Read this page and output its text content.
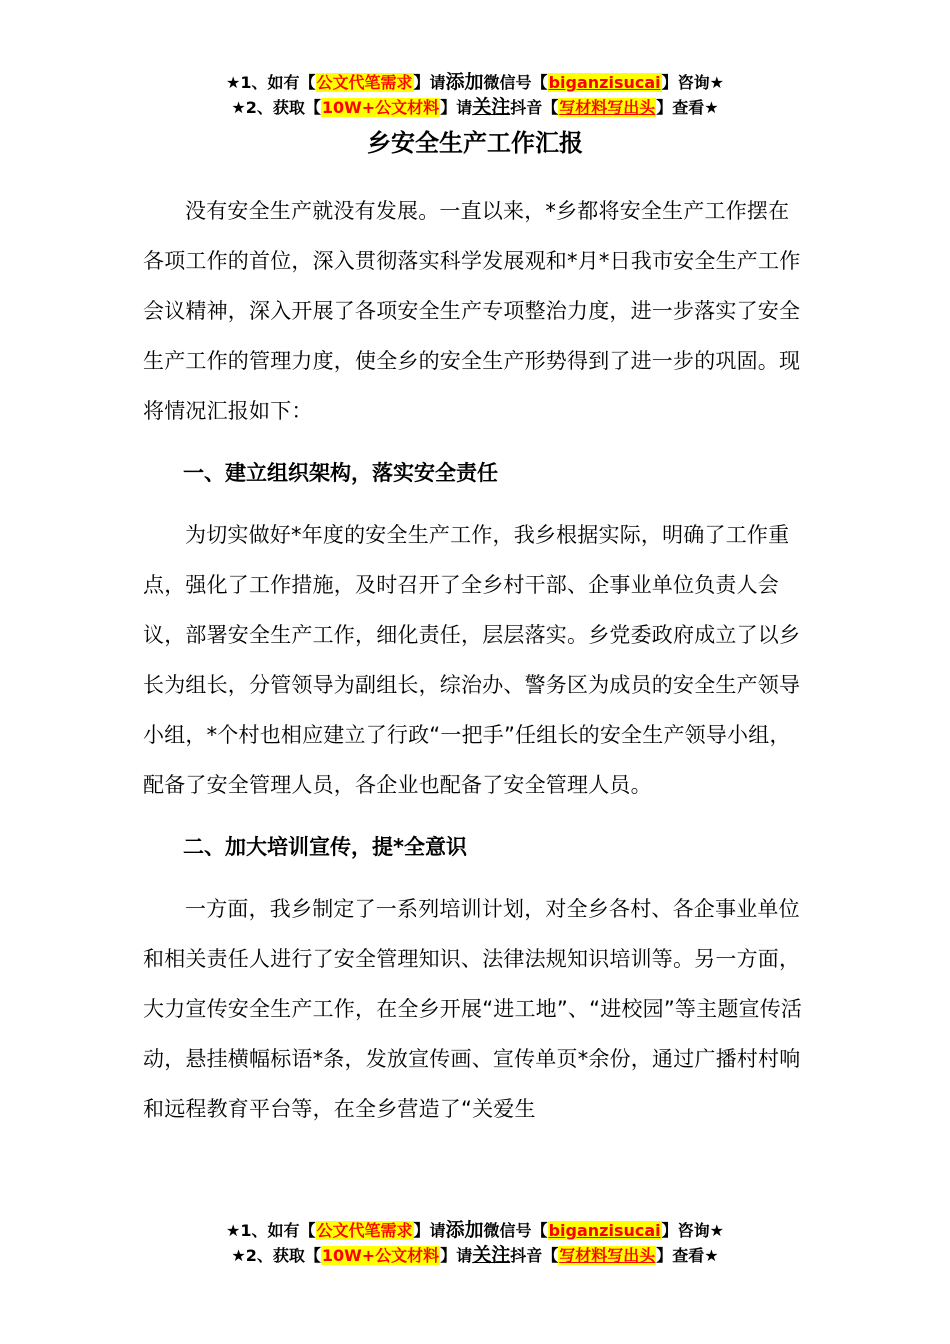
★1、如有【公文代笔需求】请添加微信号【biganzisucai】咨询★
★2、获取【10W+公文材料】请关注抖音【写材料写出头】查看★
乡安全生产工作汇报

没有安全生产就没有发展。一直以来，*乡都将安全生产工作摆在各项工作的首位，深入贯彻落实科学发展观和*月*日我市安全生产工作会议精神，深入开展了各项安全生产专项整治力度，进一步落实了安全生产工作的管理力度，使全乡的安全生产形势得到了进一步的巩固。现将情况汇报如下：

一、建立组织架构，落实安全责任

为切实做好*年度的安全生产工作，我乡根据实际，明确了工作重点，强化了工作措施，及时召开了全乡村干部、企事业单位负责人会议，部署安全生产工作，细化责任，层层落实。乡党委政府成立了以乡长为组长，分管领导为副组长，综治办、警务区为成员的安全生产领导小组，*个村也相应建立了行政“一把手”任组长的安全生产领导小组，配备了安全管理人员，各企业也配备了安全管理人员。

二、加大培训宣传，提*全意识

一方面，我乡制定了一系列培训计划，对全乡各村、各企事业单位和相关责任人进行了安全管理知识、法律法规知识培训等。另一方面，大力宣传安全生产工作，在全乡开展“进工地”、“进校园”等主题宣传活动，悬挂横幅标语*条，发放宣传画、宣传单页*余份，通过广播村村响和远程教育平台等，在全乡营造了“关爱生

★1、如有【公文代笔需求】请添加微信号【biganzisucai】咨询★
★2、获取【10W+公文材料】请关注抖音【写材料写出头】查看★
